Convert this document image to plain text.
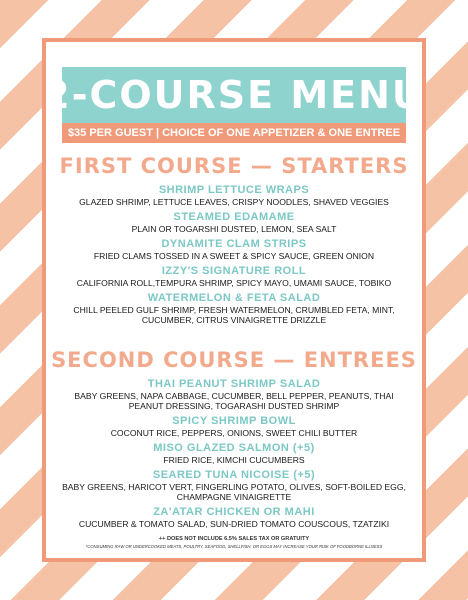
2-COURSE MENU
$35 PER GUEST | CHOICE OF ONE APPETIZER & ONE ENTREE
FIRST COURSE — STARTERS
SHRIMP LETTUCE WRAPS
GLAZED SHRIMP, LETTUCE LEAVES, CRISPY NOODLES, SHAVED VEGGIES
STEAMED EDAMAME
PLAIN OR TOGARSHI DUSTED, LEMON, SEA SALT
DYNAMITE CLAM STRIPS
FRIED CLAMS TOSSED IN A SWEET & SPICY SAUCE, GREEN ONION
IZZY'S SIGNATURE ROLL
CALIFORNIA ROLL,TEMPURA SHRIMP, SPICY MAYO, UMAMI SAUCE, TOBIKO
WATERMELON & FETA SALAD
CHILL PEELED GULF SHRIMP, FRESH WATERMELON, CRUMBLED FETA, MINT, CUCUMBER, CITRUS VINAIGRETTE DRIZZLE
SECOND COURSE — ENTREES
THAI PEANUT SHRIMP SALAD
BABY GREENS, NAPA CABBAGE, CUCUMBER, BELL PEPPER, PEANUTS, THAI PEANUT DRESSING, TOGARASHI DUSTED SHRIMP
SPICY SHRIMP BOWL
COCONUT RICE, PEPPERS, ONIONS, SWEET CHILI BUTTER
MISO GLAZED SALMON (+5)
FRIED RICE, KIMCHI CUCUMBERS
SEARED TUNA NICOISE (+5)
BABY GREENS, HARICOT VERT, FINGERLING POTATO, OLIVES, SOFT-BOILED EGG, CHAMPAGNE VINAIGRETTE
ZA'ATAR CHICKEN OR MAHI
CUCUMBER & TOMATO SALAD, SUN-DRIED TOMATO COUSCOUS, TZATZIKI
++ DOES NOT INCLUDE 6.5% SALES TAX OR GRATUITY
*CONSUMING RAW OR UNDERCOOKED MEATS, POULTRY, SEAFOOD, SHELLFISH, OR EGGS MAY INCREASE YOUR RISK OF FOODBORNE ILLNESS
